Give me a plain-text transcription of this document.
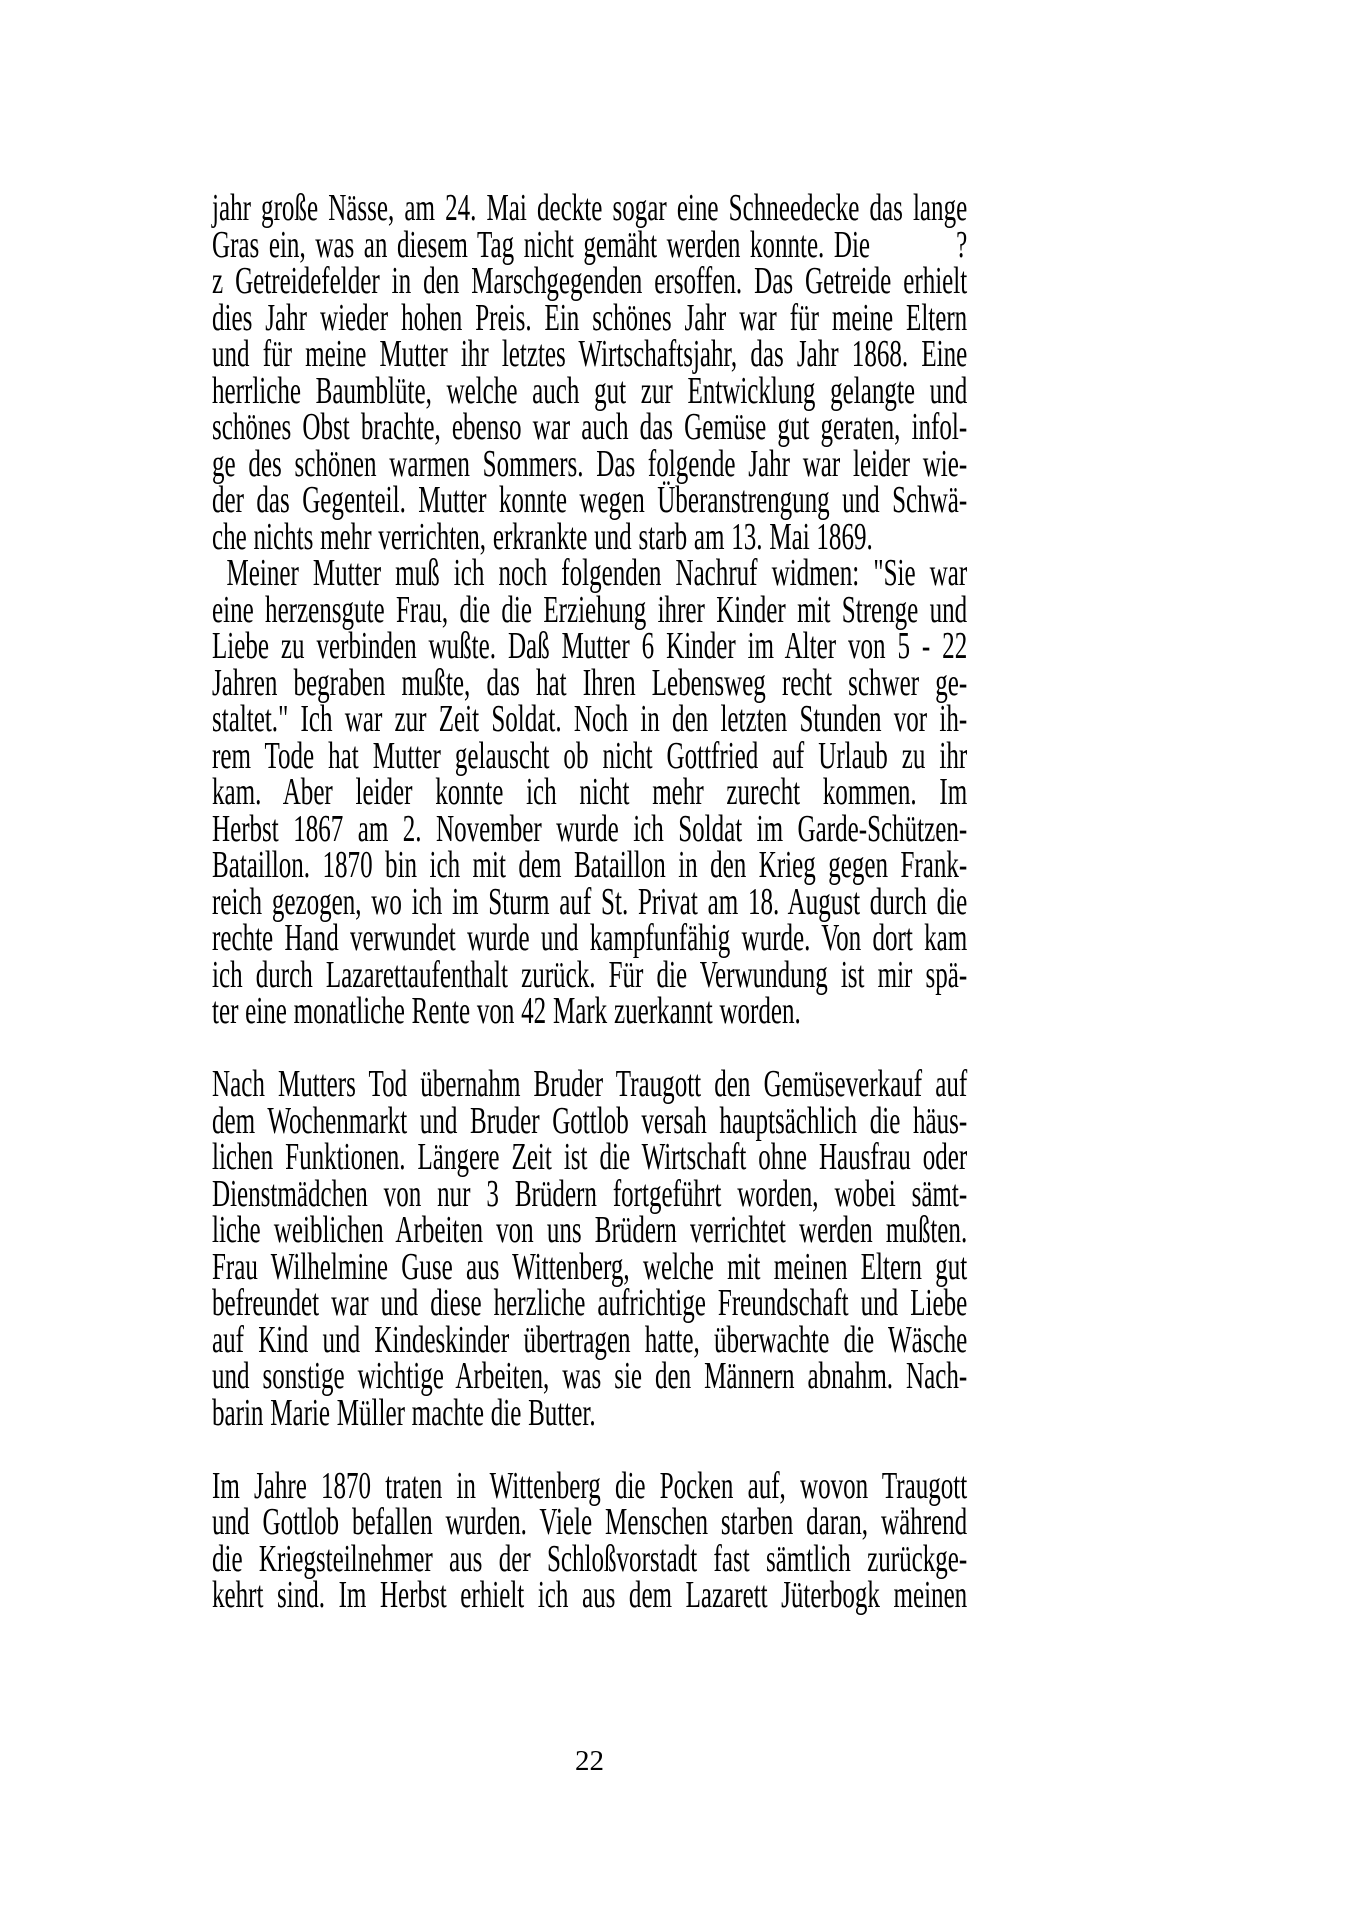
jahr große Nässe, am 24. Mai deckte sogar eine Schneedecke das lange
Gras ein, was an diesem Tag nicht gemäht werden konnte. Die         ?
z Getreidefelder in den Marschgegenden ersoffen. Das Getreide erhielt
dies Jahr wieder hohen Preis. Ein schönes Jahr war für meine Eltern
und für meine Mutter ihr letztes Wirtschaftsjahr, das Jahr 1868. Eine
herrliche Baumblüte, welche auch gut zur Entwicklung gelangte und
schönes Obst brachte, ebenso war auch das Gemüse gut geraten, infol-
ge des schönen warmen Sommers. Das folgende Jahr war leider wie-
der das Gegenteil. Mutter konnte wegen Überanstrengung und Schwä-
che nichts mehr verrichten, erkrankte und starb am 13. Mai 1869.
Meiner Mutter muß ich noch folgenden Nachruf widmen: "Sie war
eine herzensgute Frau, die die Erziehung ihrer Kinder mit Strenge und
Liebe zu verbinden wußte. Daß Mutter 6 Kinder im Alter von 5 - 22
Jahren begraben mußte, das hat Ihren Lebensweg recht schwer ge-
staltet." Ich war zur Zeit Soldat. Noch in den letzten Stunden vor ih-
rem Tode hat Mutter gelauscht ob nicht Gottfried auf Urlaub zu ihr
kam. Aber leider konnte ich nicht mehr zurecht kommen. Im
Herbst 1867 am 2. November wurde ich Soldat im Garde-Schützen-
Bataillon. 1870 bin ich mit dem Bataillon in den Krieg gegen Frank-
reich gezogen, wo ich im Sturm auf St. Privat am 18. August durch die
rechte Hand verwundet wurde und kampfunfähig wurde. Von dort kam
ich durch Lazarettaufenthalt zurück. Für die Verwundung ist mir spä-
ter eine monatliche Rente von 42 Mark zuerkannt worden.
Nach Mutters Tod übernahm Bruder Traugott den Gemüseverkauf auf
dem Wochenmarkt und Bruder Gottlob versah hauptsächlich die häus-
lichen Funktionen. Längere Zeit ist die Wirtschaft ohne Hausfrau oder
Dienstmädchen von nur 3 Brüdern fortgeführt worden, wobei sämt-
liche weiblichen Arbeiten von uns Brüdern verrichtet werden mußten.
Frau Wilhelmine Guse aus Wittenberg, welche mit meinen Eltern gut
befreundet war und diese herzliche aufrichtige Freundschaft und Liebe
auf Kind und Kindeskinder übertragen hatte, überwachte die Wäsche
und sonstige wichtige Arbeiten, was sie den Männern abnahm. Nach-
barin Marie Müller machte die Butter.
Im Jahre 1870 traten in Wittenberg die Pocken auf, wovon Traugott
und Gottlob befallen wurden. Viele Menschen starben daran, während
die Kriegsteilnehmer aus der Schloßvorstadt fast sämtlich zurückge-
kehrt sind. Im Herbst erhielt ich aus dem Lazarett Jüterbogk meinen
22
